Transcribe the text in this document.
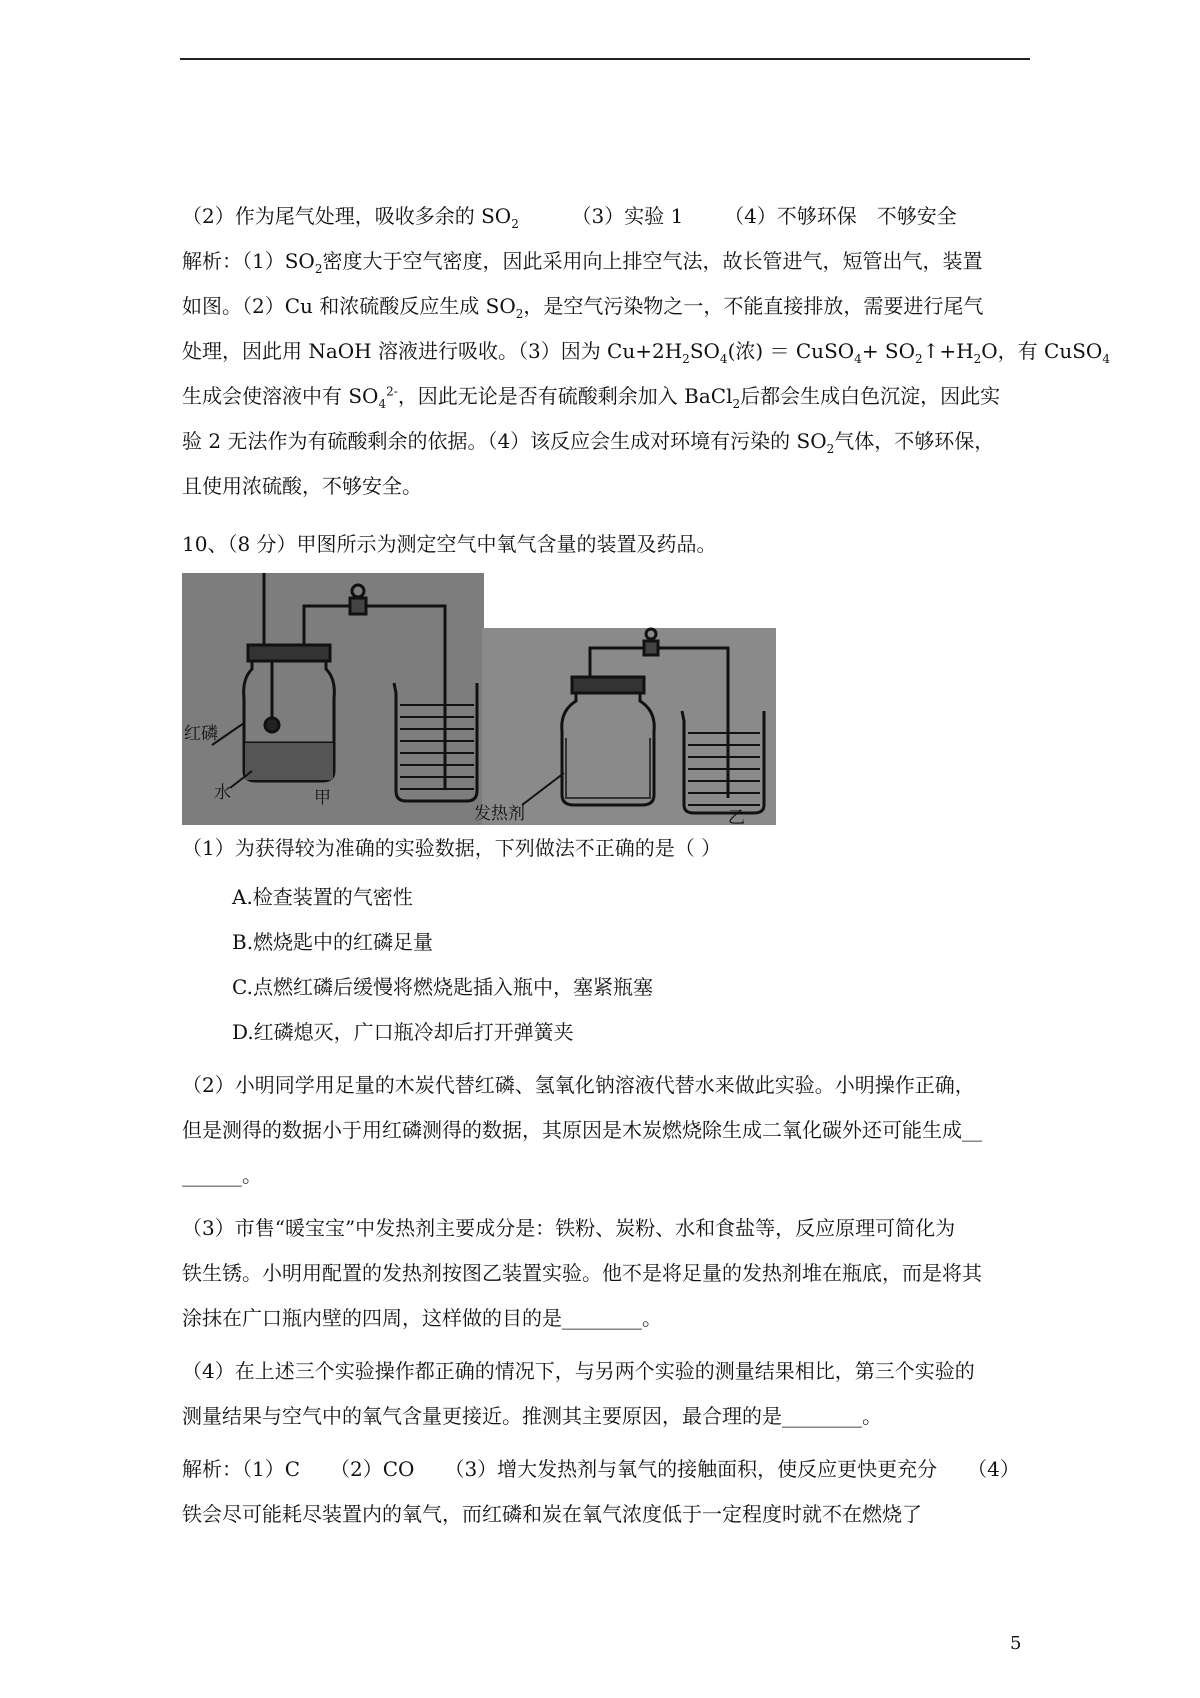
（2）作为尾气处理，吸收多余的 $SO_2$	（3）实验 1 （4）不够环保　不够安全
解析：$(1)SO_2$密度大于空气密度，因此采用向上排空气法，故长管进气，短管出气，装置
如图。（2）Cu 和浓硫酸反应生成 $SO_2$，是空气污染物之一，不能直接排放，需要进行尾气
处理，因此用 NaOH 溶液进行吸收。（3）因为 $Cu+2H_2SO_4$(浓) ＝ CuSO$_4$+ $SO_2↑+H_2O$，有 CuSO$_4$
生成会使溶液中有 $SO_4^{2-}$，因此无论是否有硫酸剩余加入 BaCl$_2$后都会生成白色沉淀，因此实
验 2 无法作为有硫酸剩余的依据。（4）该反应会生成对环境有污染的 $SO_2$气体，不够环保，
且使用浓硫酸，不够安全。
10、（8 分）甲图所示为测定空气中氧气含量的装置及药品。
红磷
水	甲
发热剂	乙
（1）为获得较为准确的实验数据，下列做法不正确的是（ ）
A.检查装置的气密性
B.燃烧匙中的红磷足量
C.点燃红磷后缓慢将燃烧匙插入瓶中，塞紧瓶塞
D.红磷熄灭，广口瓶冷却后打开弹簧夹
（2）小明同学用足量的木炭代替红磷、氢氧化钠溶液代替水来做此实验。小明操作正确，
但是测得的数据小于用红磷测得的数据，其原因是木炭燃烧除生成二氧化碳外还可能生成__
______。
（3）市售“暖宝宝”中发热剂主要成分是：铁粉、炭粉、水和食盐等，反应原理可简化为
铁生锈。小明用配置的发热剂按图乙装置实验。他不是将足量的发热剂堆在瓶底，而是将其
涂抹在广口瓶内壁的四周，这样做的目的是________。
（4）在上述三个实验操作都正确的情况下，与另两个实验的测量结果相比，第三个实验的
测量结果与空气中的氧气含量更接近。推测其主要原因，最合理的是________。
解析：（1）C　　（2）CO　　（3）增大发热剂与氧气的接触面积，使反应更快更充分　　（4）
铁会尽可能耗尽装置内的氧气，而红磷和炭在氧气浓度低于一定程度时就不在燃烧了
5
